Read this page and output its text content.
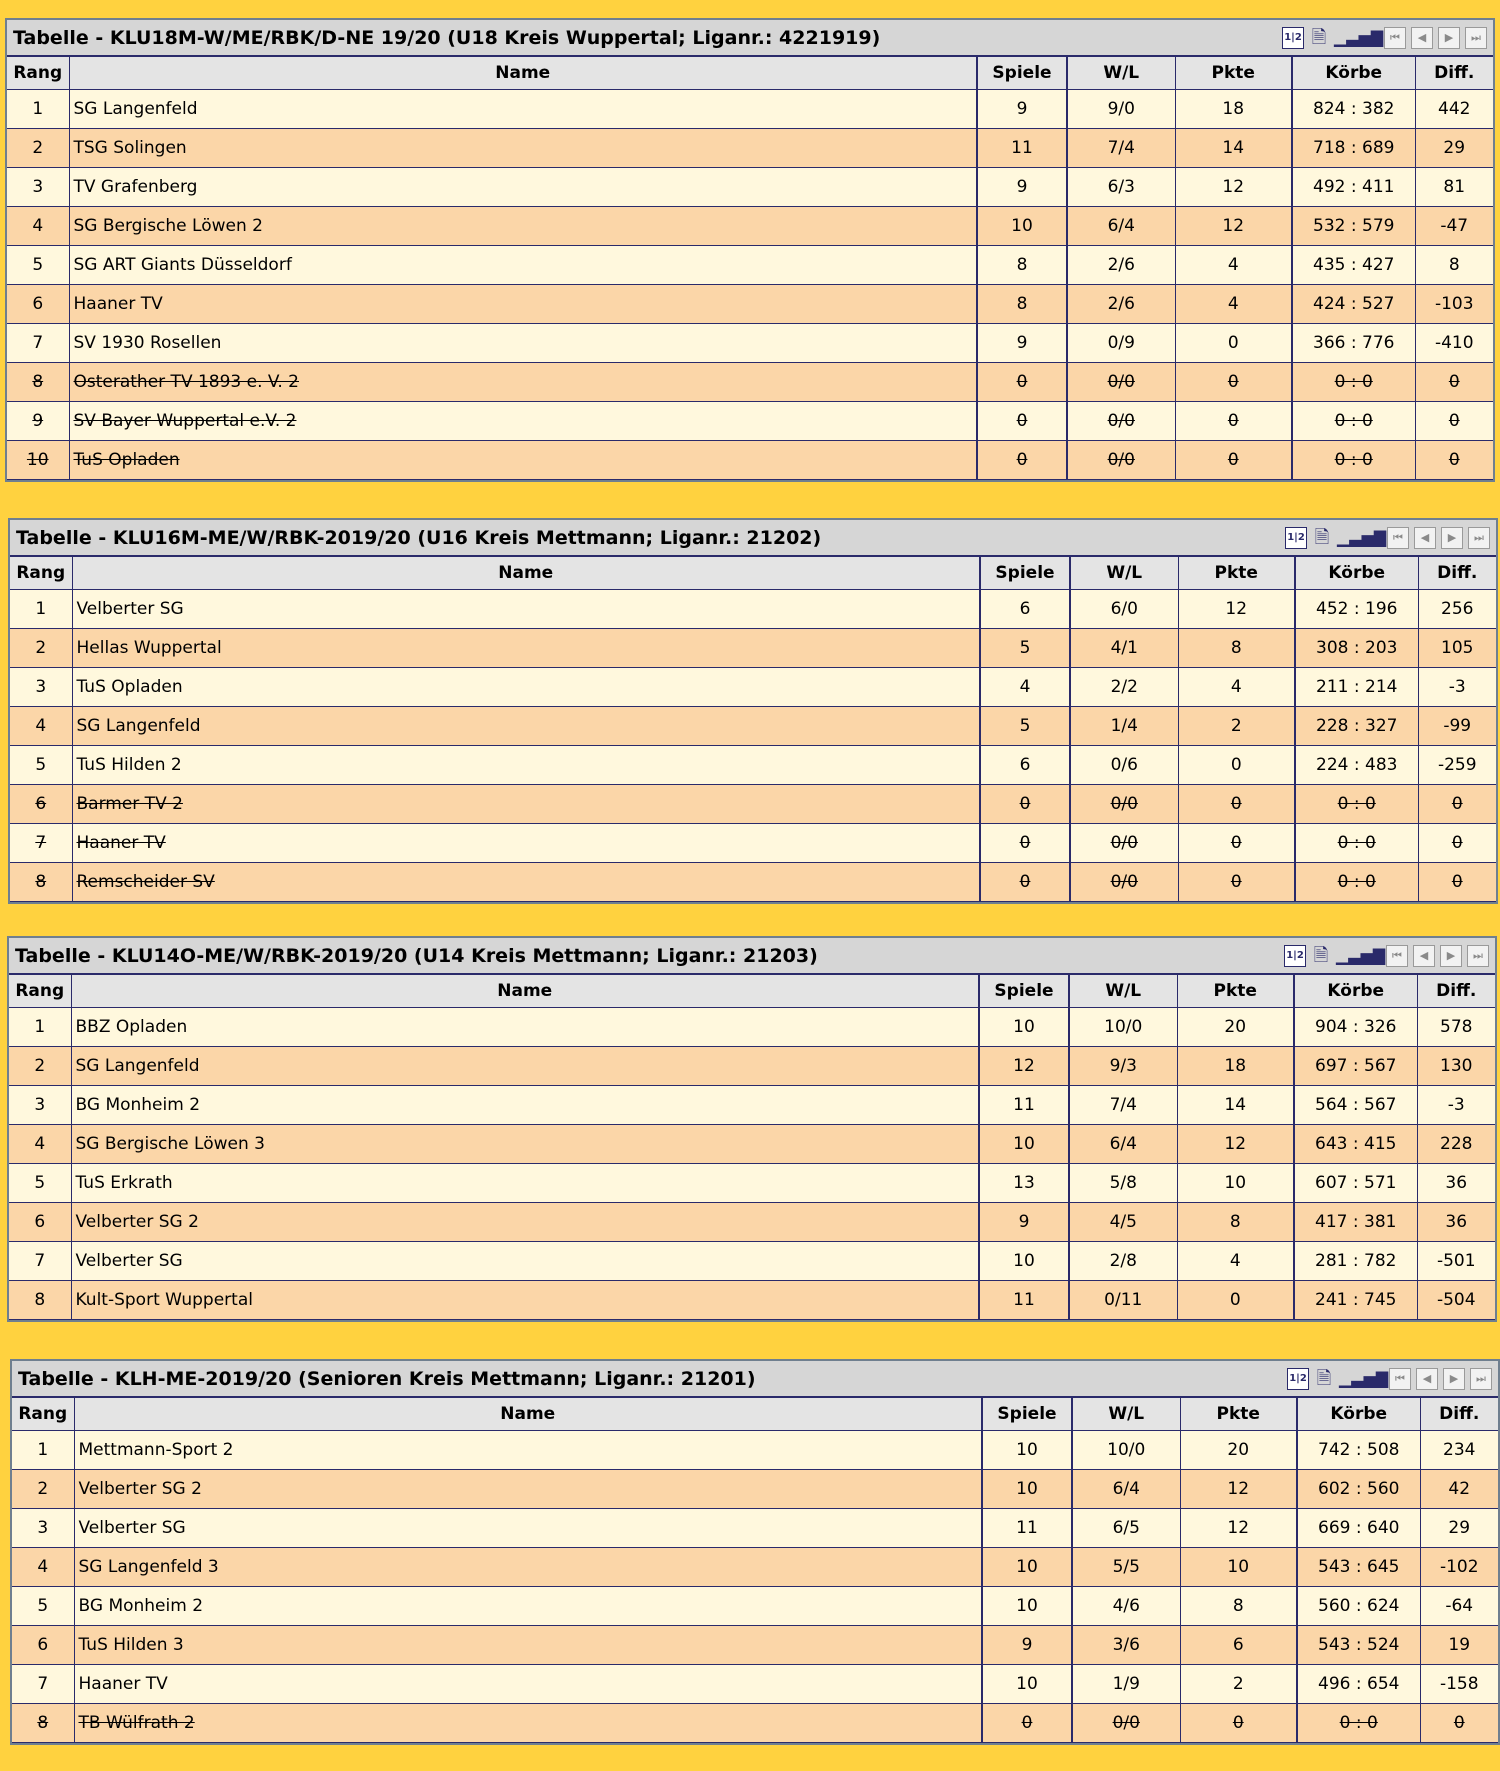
Tabelle - KLU18M-W/ME/RBK/D-NE 19/20 (U18 Kreis Wuppertal; Liganr.: 4221919)	1|2 🗎 ▁▃▅▇ ⏮	◀	▶	⏭
Rang	Name	Spiele	W/L	Pkte	Körbe	Diff.
1	SG Langenfeld	9	9/0	18	824 : 382	442
2	TSG Solingen	11	7/4	14	718 : 689	29
3	TV Grafenberg	9	6/3	12	492 : 411	81
4	SG Bergische Löwen 2	10	6/4	12	532 : 579	-47
5	SG ART Giants Düsseldorf	8	2/6	4	435 : 427	8
6	Haaner TV	8	2/6	4	424 : 527	-103
7	SV 1930 Rosellen	9	0/9	0	366 : 776	-410
8	Osterather TV 1893 e. V. 2	0	0/0	0	0 : 0	0
9	SV Bayer Wuppertal e.V. 2	0	0/0	0	0 : 0	0
10	TuS Opladen	0	0/0	0	0 : 0	0
Tabelle - KLU16M-ME/W/RBK-2019/20 (U16 Kreis Mettmann; Liganr.: 21202)	1|2 🗎 ▁▃▅▇ ⏮	◀	▶	⏭
Rang	Name	Spiele	W/L	Pkte	Körbe	Diff.
1	Velberter SG	6	6/0	12	452 : 196	256
2	Hellas Wuppertal	5	4/1	8	308 : 203	105
3	TuS Opladen	4	2/2	4	211 : 214	-3
4	SG Langenfeld	5	1/4	2	228 : 327	-99
5	TuS Hilden 2	6	0/6	0	224 : 483	-259
6	Barmer TV 2	0	0/0	0	0 : 0	0
7	Haaner TV	0	0/0	0	0 : 0	0
8	Remscheider SV	0	0/0	0	0 : 0	0
Tabelle - KLU14O-ME/W/RBK-2019/20 (U14 Kreis Mettmann; Liganr.: 21203)	1|2 🗎 ▁▃▅▇ ⏮	◀	▶	⏭
Rang	Name	Spiele	W/L	Pkte	Körbe	Diff.
1	BBZ Opladen	10	10/0	20	904 : 326	578
2	SG Langenfeld	12	9/3	18	697 : 567	130
3	BG Monheim 2	11	7/4	14	564 : 567	-3
4	SG Bergische Löwen 3	10	6/4	12	643 : 415	228
5	TuS Erkrath	13	5/8	10	607 : 571	36
6	Velberter SG 2	9	4/5	8	417 : 381	36
7	Velberter SG	10	2/8	4	281 : 782	-501
8	Kult-Sport Wuppertal	11	0/11	0	241 : 745	-504
Tabelle - KLH-ME-2019/20 (Senioren Kreis Mettmann; Liganr.: 21201)	1|2 🗎 ▁▃▅▇ ⏮	◀	▶	⏭
Rang	Name	Spiele	W/L	Pkte	Körbe	Diff.
1	Mettmann-Sport 2	10	10/0	20	742 : 508	234
2	Velberter SG 2	10	6/4	12	602 : 560	42
3	Velberter SG	11	6/5	12	669 : 640	29
4	SG Langenfeld 3	10	5/5	10	543 : 645	-102
5	BG Monheim 2	10	4/6	8	560 : 624	-64
6	TuS Hilden 3	9	3/6	6	543 : 524	19
7	Haaner TV	10	1/9	2	496 : 654	-158
8	TB Wülfrath 2	0	0/0	0	0 : 0	0
